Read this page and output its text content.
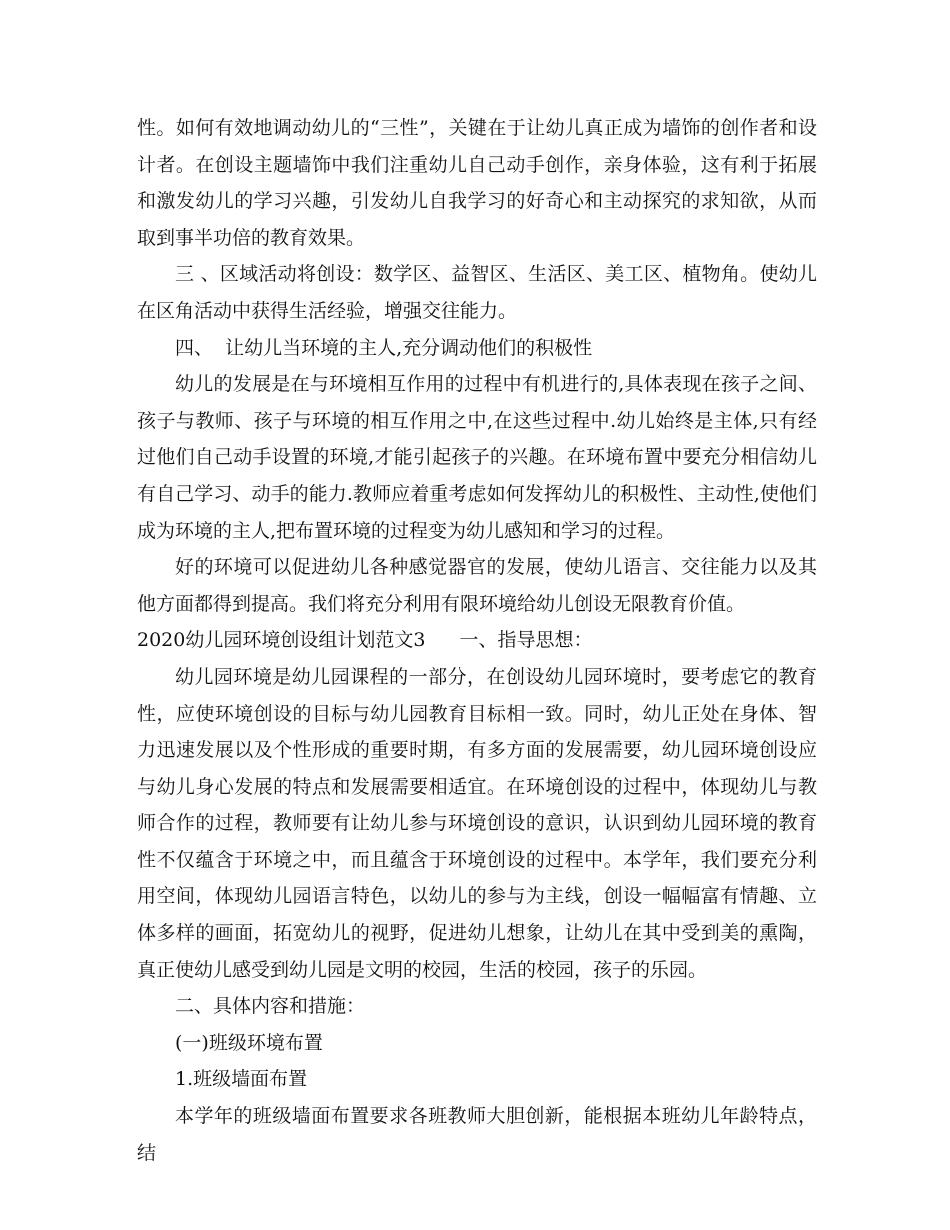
性。如何有效地调动幼儿的“三性”，关键在于让幼儿真正成为墙饰的创作者和设计者。在创设主题墙饰中我们注重幼儿自己动手创作，亲身体验，这有利于拓展和激发幼儿的学习兴趣，引发幼儿自我学习的好奇心和主动探究的求知欲，从而取到事半功倍的教育效果。

三 、区域活动将创设：数学区、益智区、生活区、美工区、植物角。使幼儿在区角活动中获得生活经验，增强交往能力。

四、  让幼儿当环境的主人,充分调动他们的积极性

幼儿的发展是在与环境相互作用的过程中有机进行的,具体表现在孩子之间、孩子与教师、孩子与环境的相互作用之中,在这些过程中.幼儿始终是主体,只有经过他们自己动手设置的环境,才能引起孩子的兴趣。在环境布置中要充分相信幼儿有自己学习、动手的能力.教师应着重考虑如何发挥幼儿的积极性、主动性,使他们成为环境的主人,把布置环境的过程变为幼儿感知和学习的过程。

好的环境可以促进幼儿各种感觉器官的发展，使幼儿语言、交往能力以及其他方面都得到提高。我们将充分利用有限环境给幼儿创设无限教育价值。

2020幼儿园环境创设组计划范文3 一、指导思想：

幼儿园环境是幼儿园课程的一部分，在创设幼儿园环境时，要考虑它的教育性，应使环境创设的目标与幼儿园教育目标相一致。同时，幼儿正处在身体、智力迅速发展以及个性形成的重要时期，有多方面的发展需要，幼儿园环境创设应与幼儿身心发展的特点和发展需要相适宜。在环境创设的过程中，体现幼儿与教师合作的过程，教师要有让幼儿参与环境创设的意识，认识到幼儿园环境的教育性不仅蕴含于环境之中，而且蕴含于环境创设的过程中。本学年，我们要充分利用空间，体现幼儿园语言特色，以幼儿的参与为主线，创设一幅幅富有情趣、立体多样的画面，拓宽幼儿的视野，促进幼儿想象，让幼儿在其中受到美的熏陶，真正使幼儿感受到幼儿园是文明的校园，生活的校园，孩子的乐园。

二、具体内容和措施：

(一)班级环境布置

1.班级墙面布置

本学年的班级墙面布置要求各班教师大胆创新，能根据本班幼儿年龄特点，结
